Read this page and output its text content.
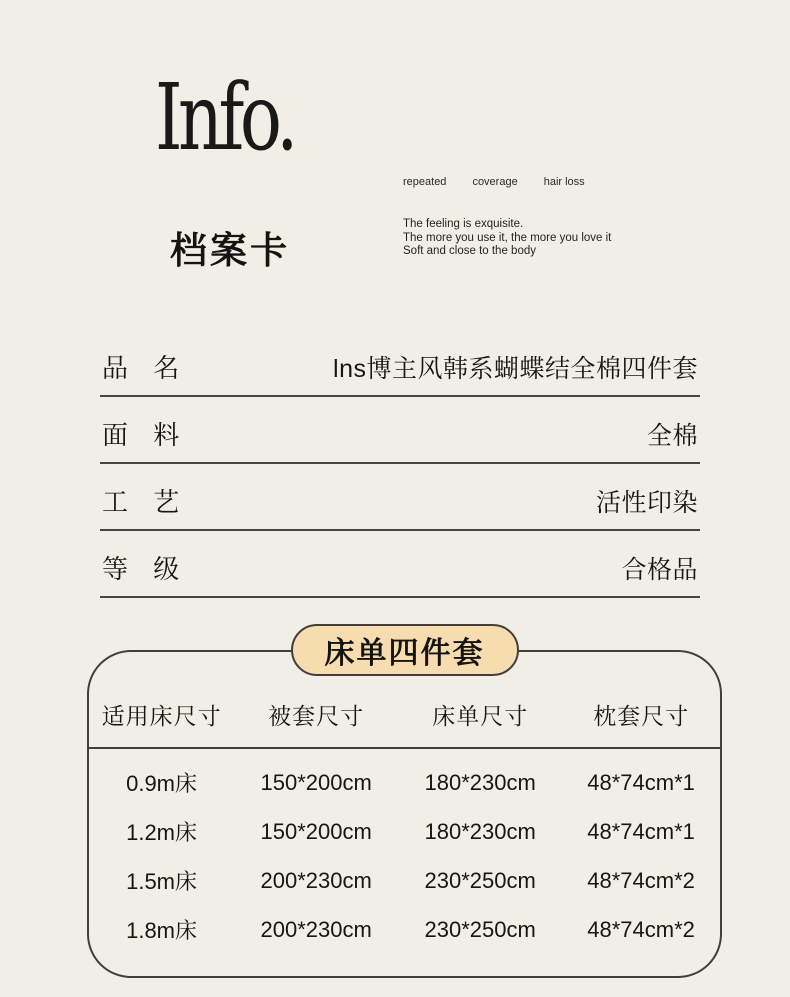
Info.
档案卡
repeated coverage hair loss
The feeling is exquisite.
The more you use it, the more you love it
Soft and close to the body
品 名	lns博主风韩系蝴蝶结全棉四件套
面 料	全棉
工 艺	活性印染
等 级	合格品
床单四件套
适用床尺寸	被套尺寸	床单尺寸	枕套尺寸
0.9m床	150*200cm	180*230cm	48*74cm*1
1.2m床	150*200cm	180*230cm	48*74cm*1
1.5m床	200*230cm	230*250cm	48*74cm*2
1.8m床	200*230cm	230*250cm	48*74cm*2
